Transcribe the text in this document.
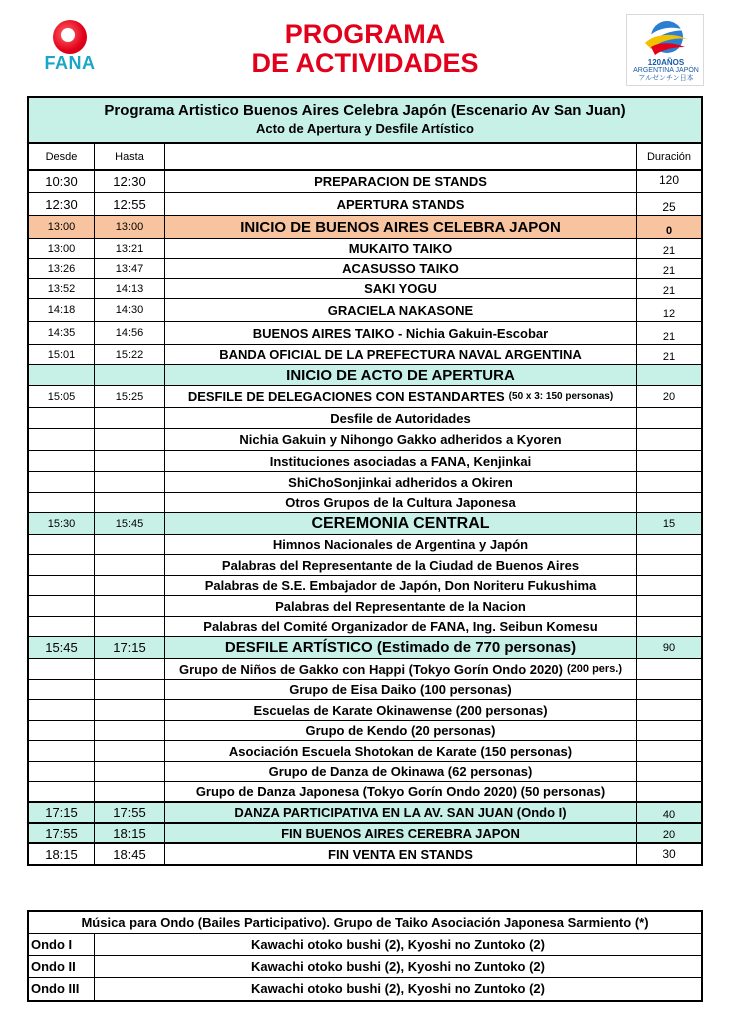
FANA
PROGRAMA
DE ACTIVIDADES	120AÑOS
ARGENTINA JAPÓN
アルゼンチン日本
Programa Artistico Buenos Aires Celebra Japón (Escenario Av San Juan)
Acto de Apertura y Desfile Artístico
Desde	Hasta	Duración
10:30	12:30	PREPARACION DE STANDS	120
12:30	12:55	APERTURA STANDS	25
13:00	13:00	INICIO DE BUENOS AIRES CELEBRA JAPON	0
13:00	13:21	MUKAITO TAIKO	21
13:26	13:47	ACASUSSO TAIKO	21
13:52	14:13	SAKI YOGU	21
14:18	14:30	GRACIELA NAKASONE	12
14:35	14:56	BUENOS AIRES TAIKO - Nichia Gakuin-Escobar	21
15:01	15:22	BANDA OFICIAL DE LA PREFECTURA NAVAL ARGENTINA	21
INICIO DE ACTO DE APERTURA
15:05	15:25	DESFILE DE DELEGACIONES CON ESTANDARTES (50 x 3: 150 personas)	20
Desfile de Autoridades
Nichia Gakuin y Nihongo Gakko adheridos a Kyoren
Instituciones asociadas a FANA, Kenjinkai
ShiChoSonjinkai adheridos a Okiren
Otros Grupos de la Cultura Japonesa
15:30	15:45	CEREMONIA CENTRAL	15
Himnos Nacionales de Argentina y Japón
Palabras del Representante de la Ciudad de Buenos Aires
Palabras de S.E. Embajador de Japón, Don Noriteru Fukushima
Palabras del Representante de la Nacion
Palabras del Comité Organizador de FANA, Ing. Seibun Komesu
15:45	17:15	DESFILE ARTÍSTICO (Estimado de 770 personas)	90
Grupo de Niños de Gakko con Happi (Tokyo Gorín Ondo 2020) (200 pers.)
Grupo de Eisa Daiko (100 personas)
Escuelas de Karate Okinawense (200 personas)
Grupo de Kendo (20 personas)
Asociación Escuela Shotokan de Karate (150 personas)
Grupo de Danza de Okinawa (62 personas)
Grupo de Danza Japonesa (Tokyo Gorín Ondo 2020) (50 personas)
17:15	17:55	DANZA PARTICIPATIVA EN LA AV. SAN JUAN (Ondo I)	40
17:55	18:15	FIN BUENOS AIRES CEREBRA JAPON	20
18:15	18:45	FIN VENTA EN STANDS	30
Música para Ondo (Bailes Participativo). Grupo de Taiko Asociación Japonesa Sarmiento (*)
Ondo I	Kawachi otoko bushi (2), Kyoshi no Zuntoko (2)
Ondo II	Kawachi otoko bushi (2), Kyoshi no Zuntoko (2)
Ondo III	Kawachi otoko bushi (2), Kyoshi no Zuntoko (2)
